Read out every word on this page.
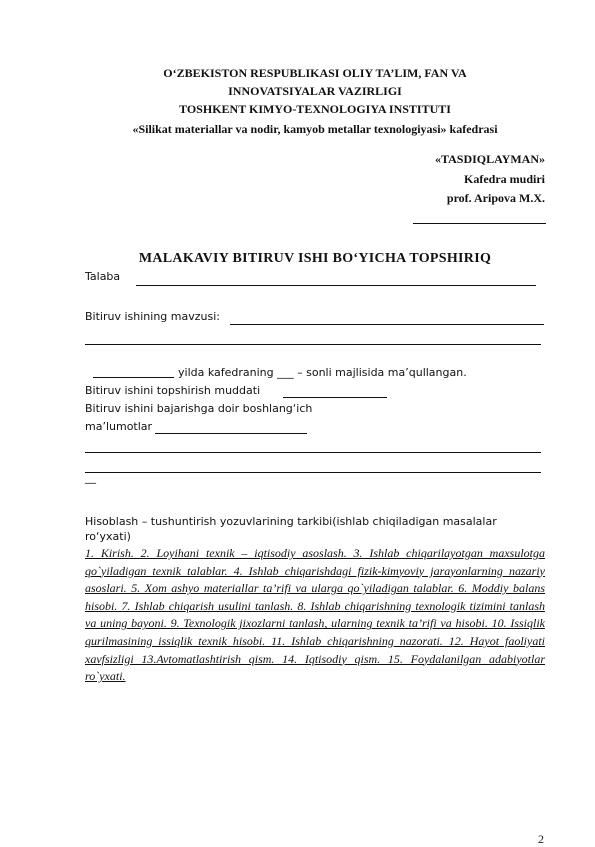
O‘ZBEKISTON RESPUBLIKASI OLIY TA’LIM, FAN VA
INNOVATSIYALAR VAZIRLIGI
TOSHKENT KIMYO-TEXNOLOGIYA INSTITUTI
«Silikat materiallar va nodir, kamyob metallar texnologiyasi» kafedrasi
«TASDIQLAYMAN»
Kafedra mudiri
prof. Aripova M.X.
MALAKAVIY BITIRUV ISHI BO‘YICHA TOPSHIRIQ
Talaba
Bitiruv ishining mavzusi:
yilda kafedraning ___ – sonli majlisida ma’qullangan.
Bitiruv ishini topshirish muddati
Bitiruv ishini bajarishga doir boshlang‘ich
ma’lumotlar
__
Hisoblash – tushuntirish yozuvlarining tarkibi(ishlab chiqiladigan masalalar
ro‘yxati)
1. Kirish. 2. Loyihani texnik – iqtisodiy asoslash. 3. Ishlab chiqarilayotgan maxsulotga qo`yiladigan texnik talablar. 4. Ishlab chiqarishdagi fizik-kimyoviy jarayonlarning nazariy asoslari. 5. Xom ashyo materiallar ta’rifi va ularga qo`yiladigan talablar. 6. Moddiy balans hisobi. 7. Ishlab chiqarish usulini tanlash. 8. Ishlab chiqarishning texnologik tizimini tanlash va uning bayoni. 9. Texnologik jixozlarni tanlash, ularning texnik ta’rifi va hisobi. 10. Issiqlik qurilmasining issiqlik texnik hisobi. 11. Ishlab chiqarishning nazorati. 12. Hayot faoliyati xavfsizligi 13.Avtomatlashtirish qism. 14. Iqtisodiy qism. 15. Foydalanilgan adabiyotlar ro`yxati.
2
